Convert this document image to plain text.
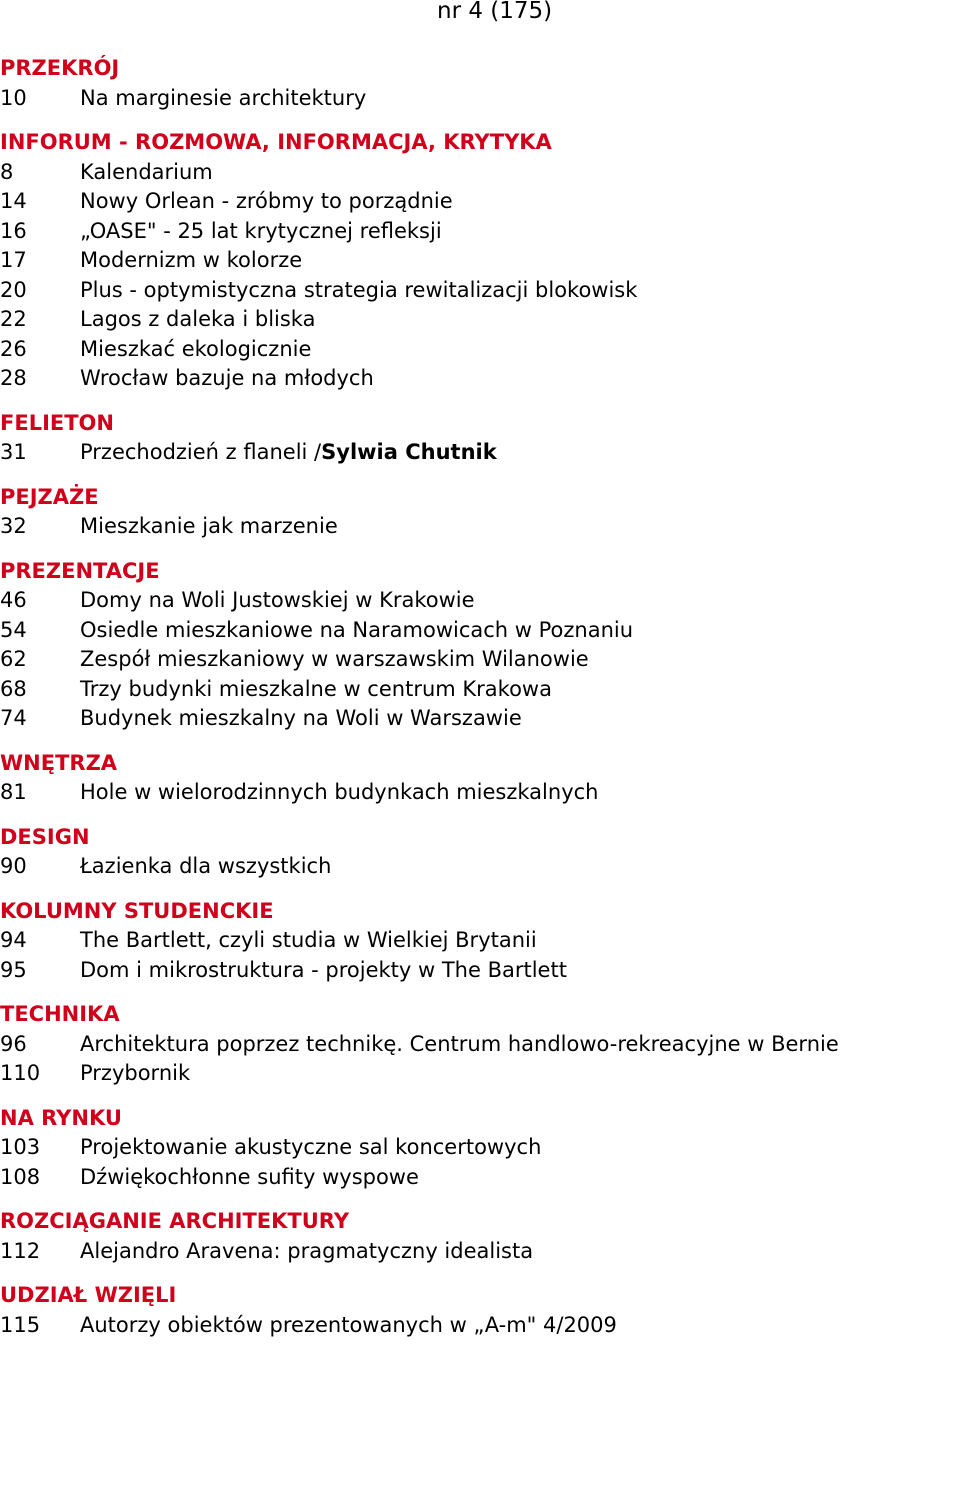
nr 4 (175)
PRZEKRÓJ
10	Na marginesie architektury
INFORUM - ROZMOWA, INFORMACJA, KRYTYKA
8	Kalendarium
14	Nowy Orlean - zróbmy to porządnie
16	„OASE" - 25 lat krytycznej refleksji
17	Modernizm w kolorze
20	Plus - optymistyczna strategia rewitalizacji blokowisk
22	Lagos z daleka i bliska
26	Mieszkać ekologicznie
28	Wrocław bazuje na młodych
FELIETON
31	Przechodzień z flaneli / Sylwia Chutnik
PEJZAŻE
32	Mieszkanie jak marzenie
PREZENTACJE
46	Domy na Woli Justowskiej w Krakowie
54	Osiedle mieszkaniowe na Naramowicach w Poznaniu
62	Zespół mieszkaniowy w warszawskim Wilanowie
68	Trzy budynki mieszkalne w centrum Krakowa
74	Budynek mieszkalny na Woli w Warszawie
WNĘTRZA
81	Hole w wielorodzinnych budynkach mieszkalnych
DESIGN
90	Łazienka dla wszystkich
KOLUMNY STUDENCKIE
94	The Bartlett, czyli studia w Wielkiej Brytanii
95	Dom i mikrostruktura - projekty w The Bartlett
TECHNIKA
96	Architektura poprzez technikę. Centrum handlowo-rekreacyjne w Bernie
110	Przybornik
NA RYNKU
103	Projektowanie akustyczne sal koncertowych
108	Dźwiękochłonne sufity wyspowe
ROZCIĄGANIE ARCHITEKTURY
112	Alejandro Aravena: pragmatyczny idealista
UDZIAŁ WZIĘLI
115	Autorzy obiektów prezentowanych w „A-m" 4/2009
